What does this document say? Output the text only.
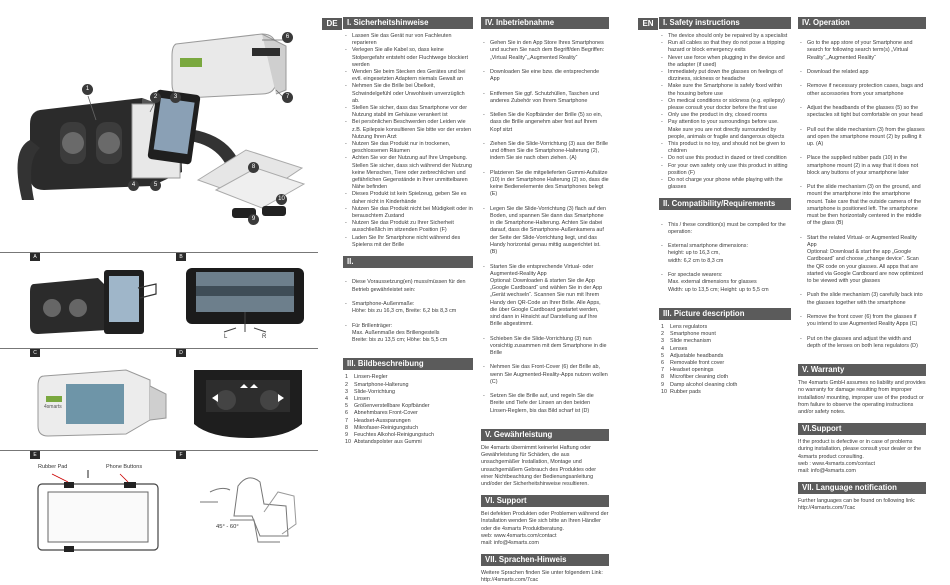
1
2	3
4	5
6
7
8
9
10
A	B
C	D
E	F
L	R
4smarts
Rubber Pad	Phone Buttons
45° - 60°
DE	I. Sicherheitshinweise
- Lassen Sie das Gerät nur von Fachleuten reparieren
- Verlegen Sie alle Kabel so, dass keine Stolpergefahr entsteht oder Fluchtwege blockiert werden
- Wenden Sie beim Stecken des Gerätes und bei evtl. eingesetzten Adaptern niemals Gewalt an
- Nehmen Sie die Brille bei Übelkeit, Schwindelgefühl oder Unwohlsein unverzüglich ab.
- Stellen Sie sicher, dass das Smartphone vor der Nutzung stabil im Gehäuse verankert ist
- Bei persönlichen Beschwerden oder Leiden wie z.B. Epilepsie konsultieren Sie bitte vor der ersten Nutzung Ihren Arzt
- Nutzen Sie das Produkt nur in trockenen, geschlossenen Räumen
- Achten Sie vor der Nutzung auf Ihre Umgebung. Stellen Sie sicher, dass sich während der Nutzung keine Menschen, Tiere oder zerbrechlichen und gefährlichen Gegenstände in Ihrer unmittelbaren Nähe befinden
- Dieses Produkt ist kein Spielzeug, geben Sie es daher nicht in Kinderhände
- Nutzen Sie das Produkt nicht bei Müdigkeit oder in berauschtem Zustand
- Nutzen Sie das Produkt zu Ihrer Sicherheit ausschließlich im sitzenden Position (F)
- Laden Sie Ihr Smartphone nicht während des Spielens mit der Brille
II. Kompatibilität/Voraussetzungen

- Diese Voraussetzung(en) muss/müssen für den Betrieb gewährleistet sein:

- Smartphone-Außenmaße:
Höhe: bis zu 16,3 cm, Breite: 6,2 bis 8,3 cm

- Für Brillenträger:
Max. Außenmaße des Brillengestells
Breite: bis zu 13,5 cm; Höhe: bis 5,5 cm

III. Bildbeschreibung
1 Linsen-Regler
2 Smartphone-Halterung
3 Slide-Vorrichtung
4 Linsen
5 Größenverstellbare Kopfbänder
6 Abnehmbares Front-Cover
7 Headset-Aussparungen
8 Mikrofaser-Reinigungstuch
9 Feuchtes Alkohol-Reinigungstuch
10 Abstandspolster aus Gummi
IV. Inbetriebnahme

- Gehen Sie in den App Store Ihres Smartphones und suchen Sie nach dem Begriff/den Begriffen:
„Virtual Reality“,„Augmented Reality“

- Downloaden Sie eine bzw. die entsprechende App

- Entfernen Sie ggf. Schutzhüllen, Taschen und anderes Zubehör von Ihrem Smartphone

- Stellen Sie die Kopfbänder der Brille (5) so ein, dass die Brille angenehm aber fest auf Ihrem Kopf sitzt

- Ziehen Sie die Slide-Vorrichtung (3) aus der Brille und öffnen Sie die Smartphone-Halterung (2), indem Sie sie nach oben ziehen. (A)

- Platzieren Sie die mitgelieferten Gummi-Aufsätze (10) in der Smartphone Halterung (2) so, dass die keine Bedienelemente des Smartphones belegt (E)

- Legen Sie die Slide-Vorrichtung (3) flach auf den Boden, und spannen Sie dann das Smartphone in die Smartphone-Halterung. Achten Sie dabei darauf, dass die Smartphone-Außenkamera auf der Seite der Slide-Vorrichtung liegt, und das Handy horizontal genau mittig ausgerichtet ist. (B)

- Starten Sie die entsprechende Virtual- oder Augmented-Reality App
Optional: Downloaden & starten Sie die App „Google Cardboard“ und wählen Sie in der App „Gerät wechseln“. Scannen Sie nun mit Ihrem Handy den QR-Code an Ihrer Brille. Alle Apps, die über Google Cardboard gestartet werden, sind dann in Hinsicht auf Darstellung auf Ihre Brille abgestimmt.

- Schieben Sie die Slide-Vorrichtung (3) nun vorsichtig zusammen mit dem Smartphone in die Brille

- Nehmen Sie das Front-Cover (6) der Brille ab, wenn Sie Augmented-Reality-Apps nutzen wollen (C)

- Setzen Sie die Brille auf, und regeln Sie die Breite und Tiefe der Linsen an den beiden Linsen-Reglern, bis das Bild scharf ist (D)

V. Gewährleistung

Die 4smarts übernimmt keinerlei Haftung oder Gewährleistung für Schäden, die aus unsachgemäßer Installation, Montage und unsachgemäßem Gebrauch des Produktes oder einer Nichtbeachtung der Bedienungsanleitung und/oder der Sicherheitshinweise resultieren.

VI. Support

Bei defekten Produkten oder Problemen während der Installation wenden Sie sich bitte an Ihren Händler oder die 4smarts Produktberatung.

web: www.4smarts.com/contact

mail: info@4smarts.com

VII. Sprachen-Hinweis

Weitere Sprachen finden Sie unter folgendem Link: http://4smarts.com/7cac

EN	I. Safety instructions
- The device should only be repaired by a specialist
- Run all cables so that they do not pose a tripping hazard or block emergency exits
- Never use force when plugging in the device and the adapter (if used)
- Immediately put down the glasses on feelings of dizziness, sickness or headache
- Make sure the Smartphone is safely fixed within the housing before use
- On medical conditions or sickness (e.g. epilepsy) please consult your doctor before the first use
- Only use the product in dry, closed rooms
- Pay attention to your surroundings before use. Make sure you are not directly surrounded by people, animals or fragile and dangerous objects
- This product is no toy, and should not be given to children
- Do not use this product in dazed or tired condition
- For your own safety only use this product in sitting position (F)
- Do not charge your phone while playing with the glasses
II. Compatibility/Requirements

- This / these condition(s) must be compiled for the operation:

- External smartphone dimensions:
height: up to 16,3 cm,
width: 6,2 cm to 8,3 cm

- For spectacle wearers:
Max. external dimensions for glasses
Width: up to 13,5 cm; Height: up to 5,5 cm

III. Picture description
1 Lens regulators
2 Smartphone mount
3 Slide mechanism
4 Lenses
5 Adjustable headbands
6 Removable front cover
7 Headset openings
8 Microfiber cleaning cloth
9 Damp alcohol cleaning cloth
10 Rubber pads
IV. Operation

- Go to the app store of your Smartphone and search for following search term(s) „Virtual Reality“,„Augmented Reality“

- Download the related app

- Remove if necessary protection cases, bags and other accessories from your smartphone

- Adjust the headbands of the glasses (5) so the spectacles sit tight but comfortable on your head

- Pull out the slide mechanism (3) from the glasses and open the smartphone mount (2) by pulling it up. (A)

- Place the supplied rubber pads (10) in the smartphone mount (2) in a way that it does not block any buttons of your smartphone later

- Put the slide mechanism (3) on the ground, and mount the smartphone into the smartphone mount. Take care that the outside camera of the smartphone is positioned left. The smartphone must be then horizontally centered in the middle of the glass (B)

- Start the related Virtual- or Augmented Reality App
Optional: Download & start the app „Google Cardboard“ and choose „change device“. Scan the QR code on your glasses. All apps that are started via Google Cardboard are now optimized to be viewed with your glasses

- Push the slide mechanism (3) carefully back into the glasses together with the smartphone

- Remove the front cover (6) from the glasses if you intend to use Augmented Reality Apps (C)

- Put on the glasses and adjust the width and depth of the lenses on both lens regulators (D)

V. Warranty

The 4smarts GmbH assumes no liability and provides no warranty for damage resulting from improper installation/ mounting, improper use of the product or from failure to observe the operating instructions and/or safety notes.

VI.Support

If the product is defective or in case of problems during installation, please consult your dealer or the 4smarts product consulting.

web : www.4smarts.com/contact

mail: info@4smarts.com

VII. Language notification

Further languages can be found on following link: http://4smarts.com/7cac
